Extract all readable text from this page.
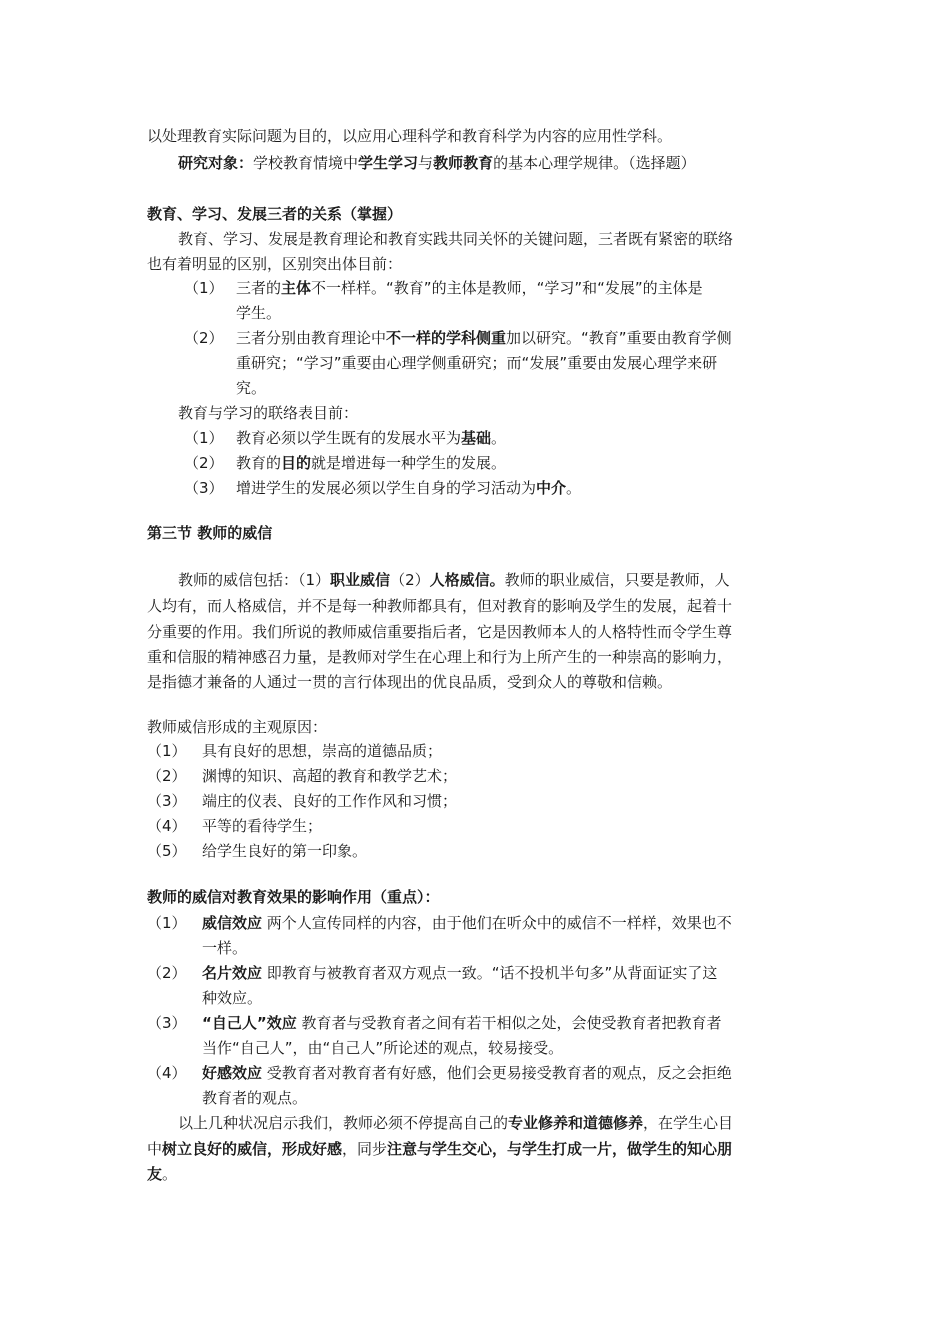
以处理教育实际问题为目的，以应用心理科学和教育科学为内容的应用性学科。
研究对象：学校教育情境中学生学习与教师教育的基本心理学规律。（选择题）
教育、学习、发展三者的关系（掌握）
教育、学习、发展是教育理论和教育实践共同关怀的关键问题，三者既有紧密的联络
也有着明显的区别，区别突出体目前：
（1） 三者的主体不一样样。“教育”的主体是教师，“学习”和“发展”的主体是
学生。
（2） 三者分别由教育理论中不一样的学科侧重加以研究。“教育”重要由教育学侧
重研究；“学习”重要由心理学侧重研究；而“发展”重要由发展心理学来研
究。
教育与学习的联络表目前：
（1） 教育必须以学生既有的发展水平为基础。
（2） 教育的目的就是增进每一种学生的发展。
（3） 增进学生的发展必须以学生自身的学习活动为中介。
第三节 教师的威信
教师的威信包括：（1）职业威信（2）人格威信。教师的职业威信，只要是教师，人
人均有，而人格威信，并不是每一种教师都具有，但对教育的影响及学生的发展，起着十
分重要的作用。我们所说的教师威信重要指后者，它是因教师本人的人格特性而令学生尊
重和信服的精神感召力量，是教师对学生在心理上和行为上所产生的一种崇高的影响力，
是指德才兼备的人通过一贯的言行体现出的优良品质，受到众人的尊敬和信赖。
教师威信形成的主观原因：
（1） 具有良好的思想，崇高的道德品质；
（2） 渊博的知识、高超的教育和教学艺术；
（3） 端庄的仪表、良好的工作作风和习惯；
（4） 平等的看待学生；
（5） 给学生良好的第一印象。
教师的威信对教育效果的影响作用（重点）：
（1） 威信效应 两个人宣传同样的内容，由于他们在听众中的威信不一样样，效果也不
一样。
（2） 名片效应 即教育与被教育者双方观点一致。“话不投机半句多”从背面证实了这
种效应。
（3） “自己人”效应 教育者与受教育者之间有若干相似之处，会使受教育者把教育者
当作“自己人”，由“自己人”所论述的观点，较易接受。
（4） 好感效应 受教育者对教育者有好感，他们会更易接受教育者的观点，反之会拒绝
教育者的观点。
以上几种状况启示我们，教师必须不停提高自己的专业修养和道德修养，在学生心目
中树立良好的威信，形成好感，同步注意与学生交心，与学生打成一片，做学生的知心朋
友。
